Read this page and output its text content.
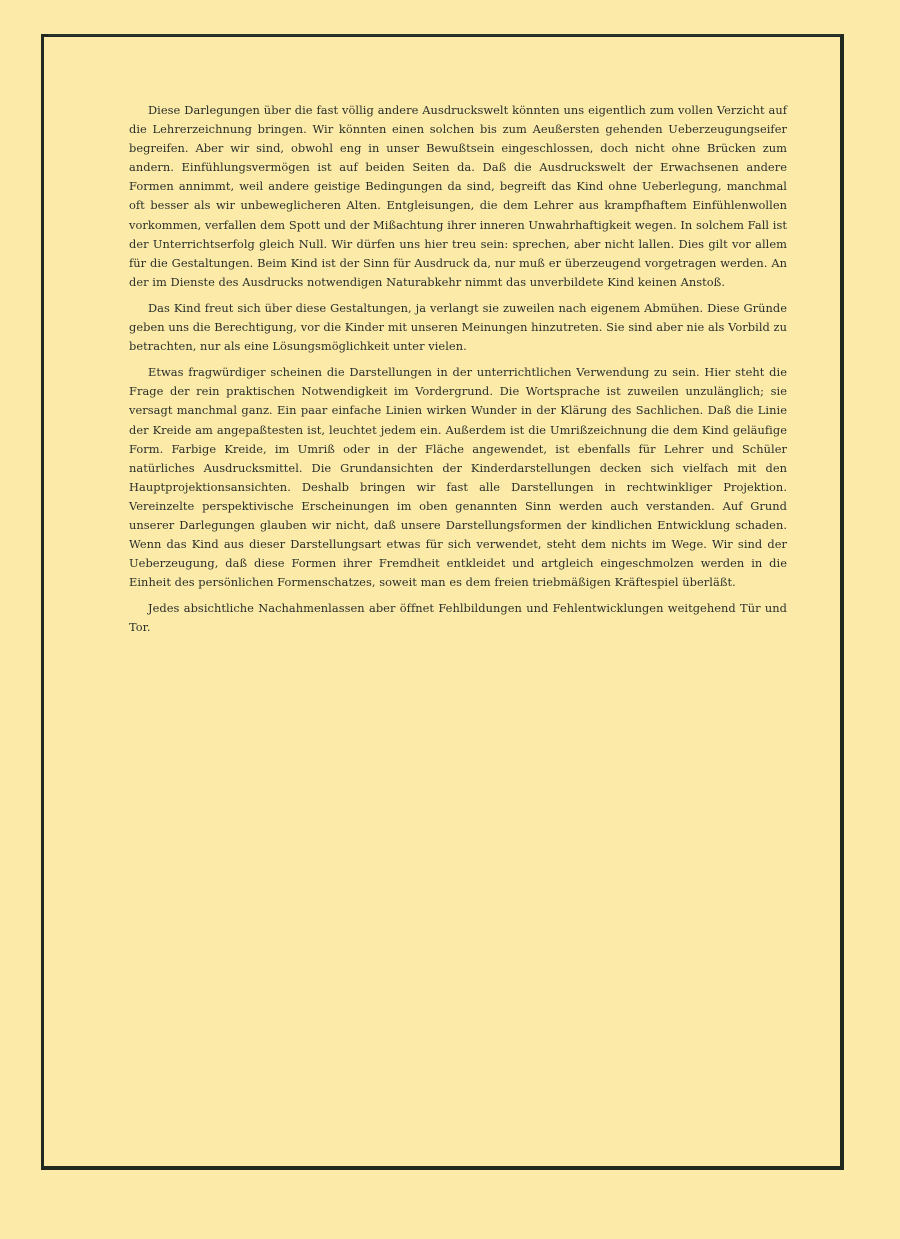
Diese Darlegungen über die fast völlig andere Ausdruckswelt könnten uns eigentlich zum vollen Verzicht auf die Lehrerzeichnung bringen. Wir könnten einen solchen bis zum Aeußersten gehenden Ueberzeugungseifer begreifen. Aber wir sind, obwohl eng in unser Bewußtsein eingeschlossen, doch nicht ohne Brücken zum andern. Einfühlungsvermögen ist auf beiden Seiten da. Daß die Ausdruckswelt der Erwachsenen andere Formen annimmt, weil andere geistige Bedingungen da sind, begreift das Kind ohne Ueberlegung, manchmal oft besser als wir unbeweglicheren Alten. Entgleisungen, die dem Lehrer aus krampfhaftem Einfühlenwollen vorkommen, verfallen dem Spott und der Mißachtung ihrer inneren Unwahrhaftigkeit wegen. In solchem Fall ist der Unterrichtserfolg gleich Null. Wir dürfen uns hier treu sein: sprechen, aber nicht lallen. Dies gilt vor allem für die Gestaltungen. Beim Kind ist der Sinn für Ausdruck da, nur muß er überzeugend vorgetragen werden. An der im Dienste des Ausdrucks notwendigen Naturabkehr nimmt das unverbildete Kind keinen Anstoß.

Das Kind freut sich über diese Gestaltungen, ja verlangt sie zuweilen nach eigenem Abmühen. Diese Gründe geben uns die Berechtigung, vor die Kinder mit unseren Meinungen hinzutreten. Sie sind aber nie als Vorbild zu betrachten, nur als eine Lösungsmöglichkeit unter vielen.

Etwas fragwürdiger scheinen die Darstellungen in der unterrichtlichen Verwendung zu sein. Hier steht die Frage der rein praktischen Notwendigkeit im Vordergrund. Die Wortsprache ist zuweilen unzulänglich; sie versagt manchmal ganz. Ein paar einfache Linien wirken Wunder in der Klärung des Sachlichen. Daß die Linie der Kreide am angepaßtesten ist, leuchtet jedem ein. Außerdem ist die Umrißzeichnung die dem Kind geläufige Form. Farbige Kreide, im Umriß oder in der Fläche angewendet, ist ebenfalls für Lehrer und Schüler natürliches Ausdrucksmittel. Die Grundansichten der Kinderdarstellungen decken sich vielfach mit den Hauptprojektionsansichten. Deshalb bringen wir fast alle Darstellungen in rechtwinkliger Projektion. Vereinzelte perspektivische Erscheinungen im oben genannten Sinn werden auch verstanden. Auf Grund unserer Darlegungen glauben wir nicht, daß unsere Darstellungsformen der kindlichen Entwicklung schaden. Wenn das Kind aus dieser Darstellungsart etwas für sich verwendet, steht dem nichts im Wege. Wir sind der Ueberzeugung, daß diese Formen ihrer Fremdheit entkleidet und artgleich eingeschmolzen werden in die Einheit des persönlichen Formenschatzes, soweit man es dem freien triebmäßigen Kräftespiel überläßt.

Jedes absichtliche Nachahmenlassen aber öffnet Fehlbildungen und Fehlentwicklungen weitgehend Tür und Tor.
